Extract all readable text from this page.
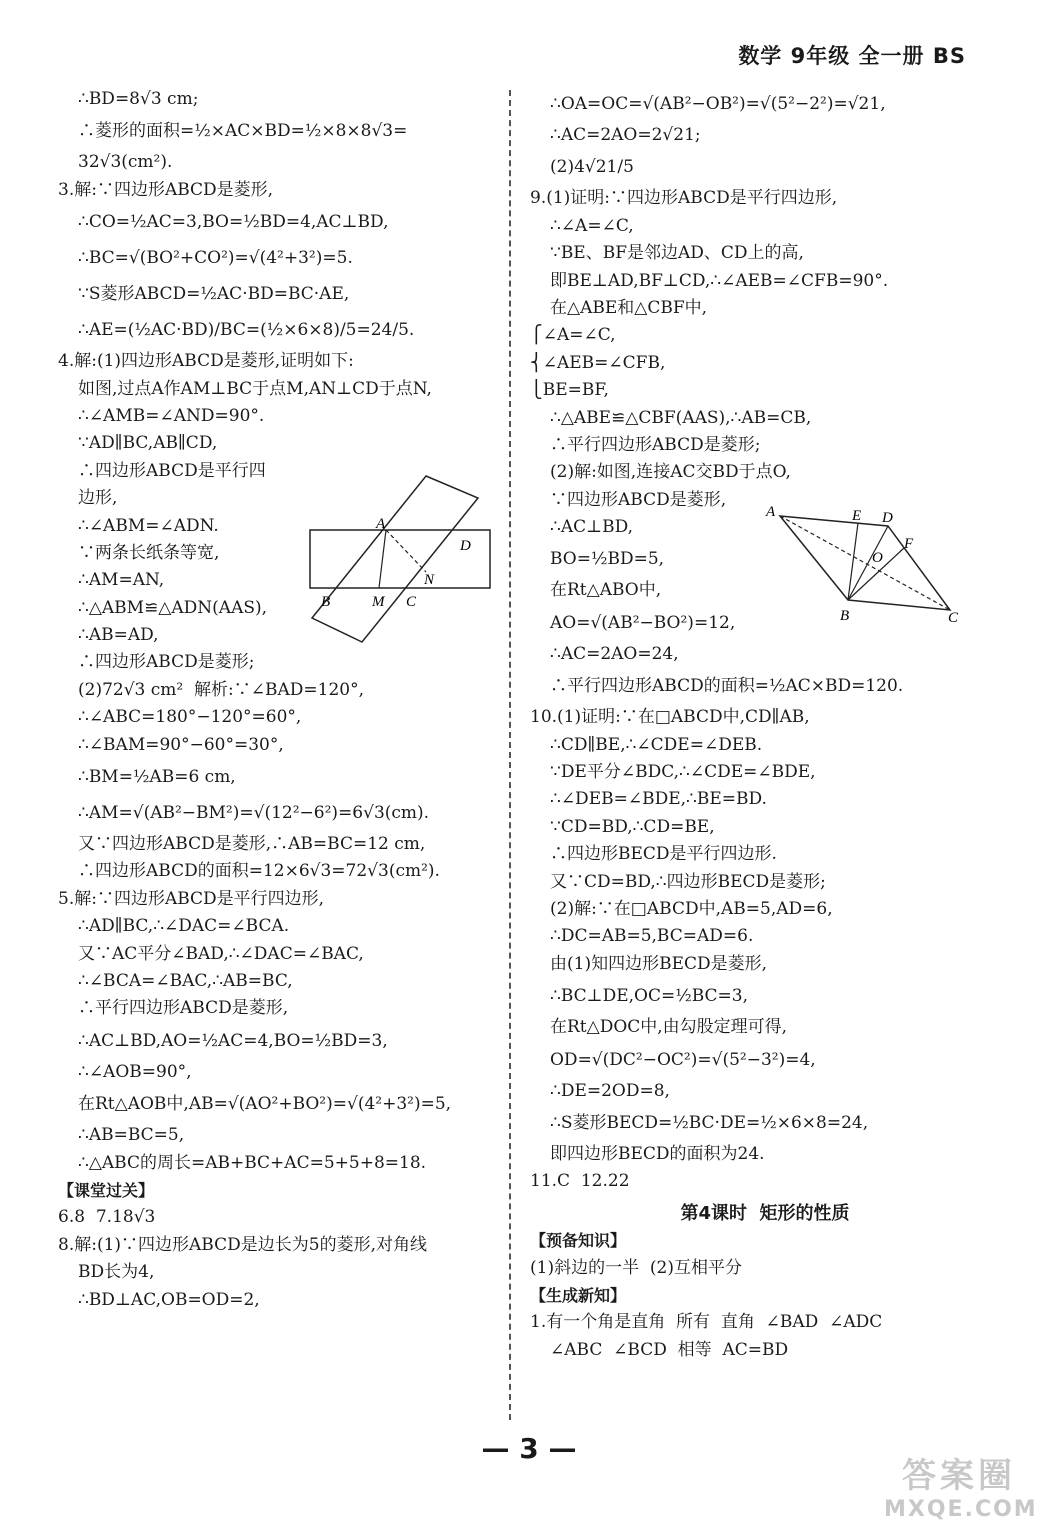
数学 9年级 全一册 BS
∴BD=8√3 cm;
∴菱形的面积=½×AC×BD=½×8×8√3=
32√3(cm²).
3.解:∵四边形ABCD是菱形,
∴CO=½AC=3,BO=½BD=4,AC⊥BD,
∴BC=√(BO²+CO²)=√(4²+3²)=5.
∵S菱形ABCD=½AC·BD=BC·AE,
∴AE=(½AC·BD)/BC=(½×6×8)/5=24/5.
4.解:(1)四边形ABCD是菱形,证明如下:
如图,过点A作AM⊥BC于点M,AN⊥CD于点N,
∴∠AMB=∠AND=90°.
∵AD∥BC,AB∥CD,
∴四边形ABCD是平行四
边形,
∴∠ABM=∠ADN.
∵两条长纸条等宽,
∴AM=AN,
∴△ABM≌△ADN(AAS),
∴AB=AD,
∴四边形ABCD是菱形;
(2)72√3 cm²  解析:∵∠BAD=120°,
∴∠ABC=180°−120°=60°,
∴∠BAM=90°−60°=30°,
∴BM=½AB=6 cm,
∴AM=√(AB²−BM²)=√(12²−6²)=6√3(cm).
又∵四边形ABCD是菱形,∴AB=BC=12 cm,
∴四边形ABCD的面积=12×6√3=72√3(cm²).
5.解:∵四边形ABCD是平行四边形,
∴AD∥BC,∴∠DAC=∠BCA.
又∵AC平分∠BAD,∴∠DAC=∠BAC,
∴∠BCA=∠BAC,∴AB=BC,
∴平行四边形ABCD是菱形,
∴AC⊥BD,AO=½AC=4,BO=½BD=3,
∴∠AOB=90°,
在Rt△AOB中,AB=√(AO²+BO²)=√(4²+3²)=5,
∴AB=BC=5,
∴△ABC的周长=AB+BC+AC=5+5+8=18.
【课堂过关】
6.8  7.18√3
8.解:(1)∵四边形ABCD是边长为5的菱形,对角线
BD长为4,
∴BD⊥AC,OB=OD=2,
∴OA=OC=√(AB²−OB²)=√(5²−2²)=√21,
∴AC=2AO=2√21;
(2)4√21/5
9.(1)证明:∵四边形ABCD是平行四边形,
∴∠A=∠C,
∵BE、BF是邻边AD、CD上的高,
即BE⊥AD,BF⊥CD,∴∠AEB=∠CFB=90°.
在△ABE和△CBF中,
⎧∠A=∠C,
⎨∠AEB=∠CFB,
⎩BE=BF,
∴△ABE≌△CBF(AAS),∴AB=CB,
∴平行四边形ABCD是菱形;
(2)解:如图,连接AC交BD于点O,
∵四边形ABCD是菱形,
∴AC⊥BD,
BO=½BD=5,
在Rt△ABO中,
AO=√(AB²−BO²)=12,
∴AC=2AO=24,
∴平行四边形ABCD的面积=½AC×BD=120.
10.(1)证明:∵在□ABCD中,CD∥AB,
∴CD∥BE,∴∠CDE=∠DEB.
∵DE平分∠BDC,∴∠CDE=∠BDE,
∴∠DEB=∠BDE,∴BE=BD.
∵CD=BD,∴CD=BE,
∴四边形BECD是平行四边形.
又∵CD=BD,∴四边形BECD是菱形;
(2)解:∵在□ABCD中,AB=5,AD=6,
∴DC=AB=5,BC=AD=6.
由(1)知四边形BECD是菱形,
∴BC⊥DE,OC=½BC=3,
在Rt△DOC中,由勾股定理可得,
OD=√(DC²−OC²)=√(5²−3²)=4,
∴DE=2OD=8,
∴S菱形BECD=½BC·DE=½×6×8=24,
即四边形BECD的面积为24.
11.C  12.22
第4课时  矩形的性质
【预备知识】
(1)斜边的一半  (2)互相平分
【生成新知】
1.有一个角是直角  所有  直角  ∠BAD  ∠ADC
∠ABC  ∠BCD  相等  AC=BD
A
D
B	M C
N
A	E D
F
O
B	C
— 3 —
答案圈
MXQE.COM
